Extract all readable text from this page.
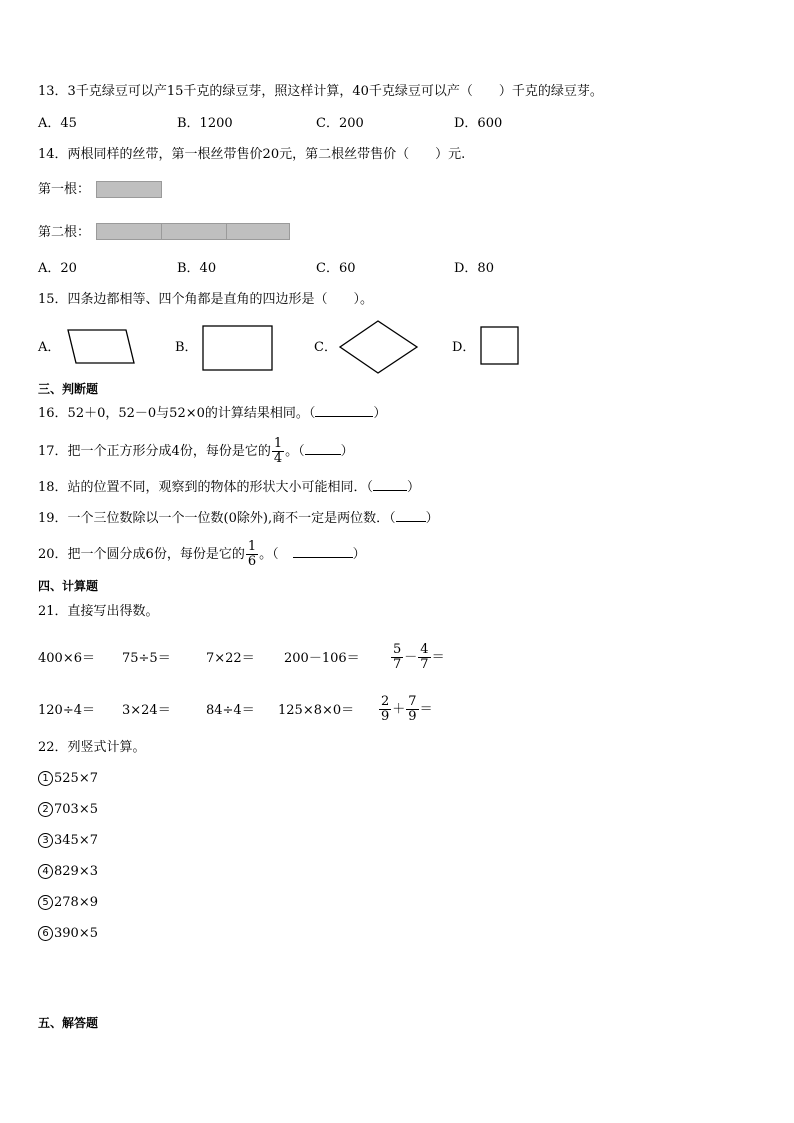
13．3千克绿豆可以产15千克的绿豆芽，照这样计算，40千克绿豆可以产（　　）千克的绿豆芽。
A．45	B．1200	C．200	D．600
14．两根同样的丝带，第一根丝带售价20元，第二根丝带售价（　　）元.
第一根：
第二根：
A．20	B．40	C．60	D．80
15．四条边都相等、四个角都是直角的四边形是（　　）。
A．	B．	C．	D．
三、判断题
16．52＋0，52－0与52×0的计算结果相同。（	）
17．把一个正方形分成4份，每份是它的 $\frac{1}{4}$ 。（	）
18．站的位置不同，观察到的物体的形状大小可能相同．（	）
19．一个三位数除以一个一位数(0除外),商不一定是两位数．（ ）
20．把一个圆分成6份，每份是它的 $\frac{1}{6}$ 。（	）
四、计算题
21．直接写出得数。
400×6＝ 75÷5＝	$7\times 22= 200-106= \frac{5}{7} - \frac{4}{7}$ ＝
120÷4＝ 3×24＝	$84\div 4= 125\times 8\times 0= \frac{2}{9} + \frac{7}{9}$ ＝
22．列竖式计算。
1 525×7
2 703×5
3 345×7
4 829×3
5 278×9
6 390×5
五、解答题
